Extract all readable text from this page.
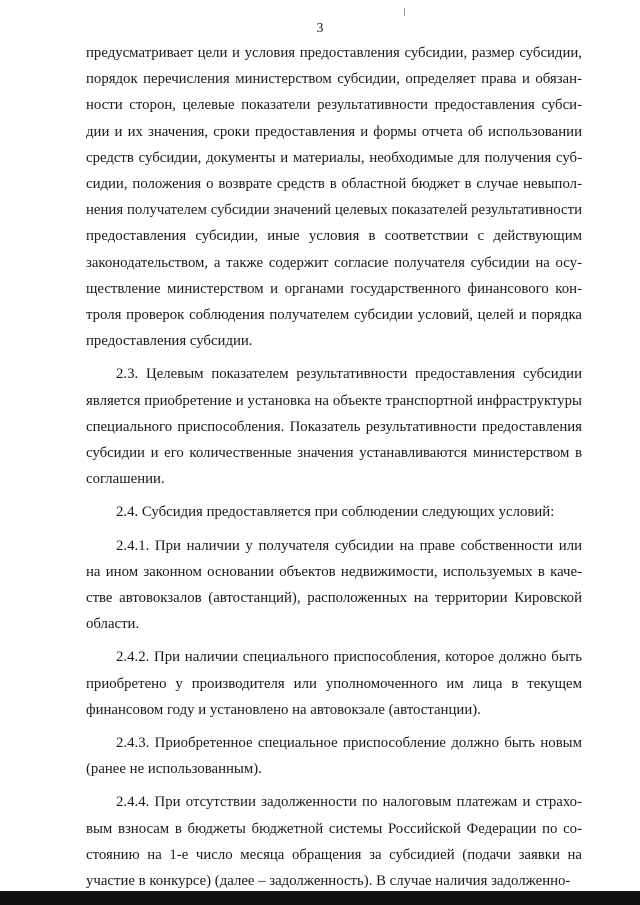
3

предусматривает цели и условия предоставления субсидии, размер субсидии, порядок перечисления министерством субсидии, определяет права и обязанности сторон, целевые показатели результативности предоставления субсидии и их значения, сроки предоставления и формы отчета об использовании средств субсидии, документы и материалы, необходимые для получения субсидии, положения о возврате средств в областной бюджет в случае невыполнения получателем субсидии значений целевых показателей результативности предоставления субсидии, иные условия в соответствии с действующим законодательством, а также содержит согласие получателя субсидии на осуществление министерством и органами государственного финансового контроля проверок соблюдения получателем субсидии условий, целей и порядка предоставления субсидии.

2.3. Целевым показателем результативности предоставления субсидии является приобретение и установка на объекте транспортной инфраструктуры специального приспособления. Показатель результативности предоставления субсидии и его количественные значения устанавливаются министерством в соглашении.

2.4. Субсидия предоставляется при соблюдении следующих условий:

2.4.1. При наличии у получателя субсидии на праве собственности или на ином законном основании объектов недвижимости, используемых в качестве автовокзалов (автостанций), расположенных на территории Кировской области.

2.4.2. При наличии специального приспособления, которое должно быть приобретено у производителя или уполномоченного им лица в текущем финансовом году и установлено на автовокзале (автостанции).

2.4.3. Приобретенное специальное приспособление должно быть новым (ранее не использованным).

2.4.4. При отсутствии задолженности по налоговым платежам и страховым взносам в бюджеты бюджетной системы Российской Федерации по состоянию на 1-е число месяца обращения за субсидией (подачи заявки на участие в конкурсе) (далее – задолженность). В случае наличия задолженно-
